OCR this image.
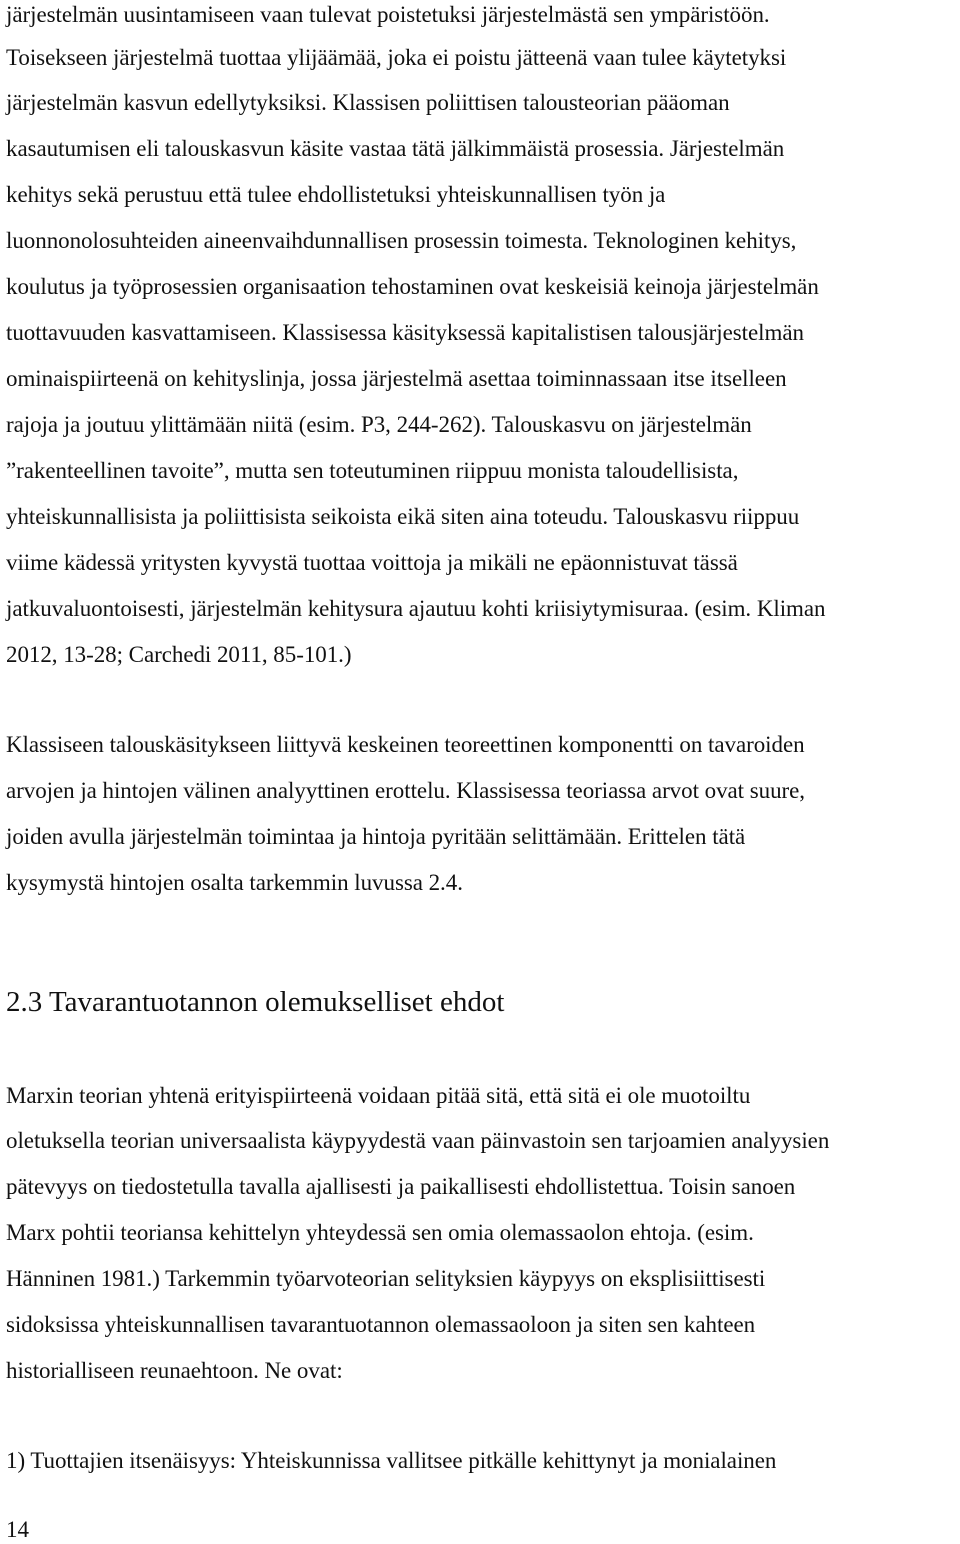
järjestelmän uusintamiseen vaan tulevat poistetuksi järjestelmästä sen ympäristöön.
Toisekseen järjestelmä tuottaa ylijäämää, joka ei poistu jätteenä vaan tulee käytetyksi
järjestelmän kasvun edellytyksiksi. Klassisen poliittisen talousteorian pääoman
kasautumisen eli talouskasvun käsite vastaa tätä jälkimmäistä prosessia. Järjestelmän
kehitys sekä perustuu että tulee ehdollistetuksi yhteiskunnallisen työn ja
luonnonolosuhteiden aineenvaihdunnallisen prosessin toimesta. Teknologinen kehitys,
koulutus ja työprosessien organisaation tehostaminen ovat keskeisiä keinoja järjestelmän
tuottavuuden kasvattamiseen. Klassisessa käsityksessä kapitalistisen talousjärjestelmän
ominaispiirteenä on kehityslinja, jossa järjestelmä asettaa toiminnassaan itse itselleen
rajoja ja joutuu ylittämään niitä (esim. P3, 244-262). Talouskasvu on järjestelmän
”rakenteellinen tavoite”, mutta sen toteutuminen riippuu monista taloudellisista,
yhteiskunnallisista ja poliittisista seikoista eikä siten aina toteudu. Talouskasvu riippuu
viime kädessä yritysten kyvystä tuottaa voittoja ja mikäli ne epäonnistuvat tässä
jatkuvaluontoisesti, järjestelmän kehitysura ajautuu kohti kriisiytymisuraa. (esim. Kliman
2012, 13-28; Carchedi 2011, 85-101.)
Klassiseen talouskäsitykseen liittyvä keskeinen teoreettinen komponentti on tavaroiden
arvojen ja hintojen välinen analyyttinen erottelu. Klassisessa teoriassa arvot ovat suure,
joiden avulla järjestelmän toimintaa ja hintoja pyritään selittämään. Erittelen tätä
kysymystä hintojen osalta tarkemmin luvussa 2.4.
2.3 Tavarantuotannon olemukselliset ehdot
Marxin teorian yhtenä erityispiirteenä voidaan pitää sitä, että sitä ei ole muotoiltu
oletuksella teorian universaalista käypyydestä vaan päinvastoin sen tarjoamien analyysien
pätevyys on tiedostetulla tavalla ajallisesti ja paikallisesti ehdollistettua. Toisin sanoen
Marx pohtii teoriansa kehittelyn yhteydessä sen omia olemassaolon ehtoja. (esim.
Hänninen 1981.) Tarkemmin työarvoteorian selityksien käypyys on eksplisiittisesti
sidoksissa yhteiskunnallisen tavarantuotannon olemassaoloon ja siten sen kahteen
historialliseen reunaehtoon. Ne ovat:
1) Tuottajien itsenäisyys: Yhteiskunnissa vallitsee pitkälle kehittynyt ja monialainen
14
